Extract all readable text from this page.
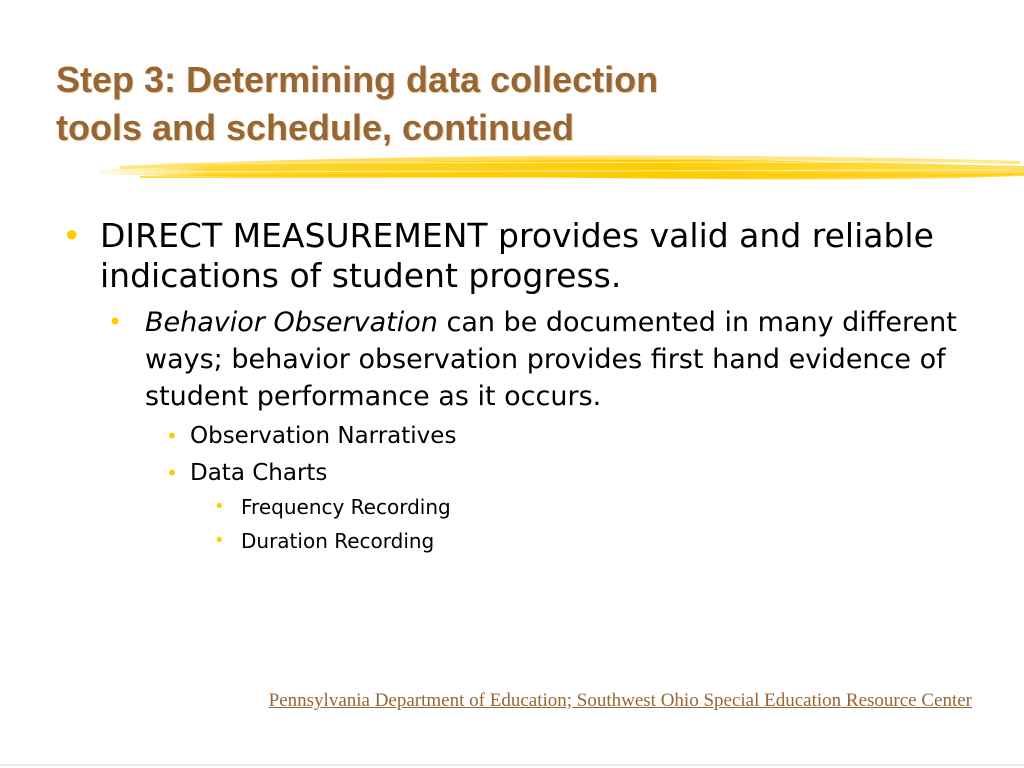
Step 3: Determining data collection
tools and schedule, continued
• DIRECT MEASUREMENT provides valid and reliable indications of student progress.
• Behavior Observation can be documented in many different ways; behavior observation provides first hand evidence of student performance as it occurs.
• Observation Narratives
• Data Charts
• Frequency Recording
• Duration Recording
Pennsylvania Department of Education; Southwest Ohio Special Education Resource Center
